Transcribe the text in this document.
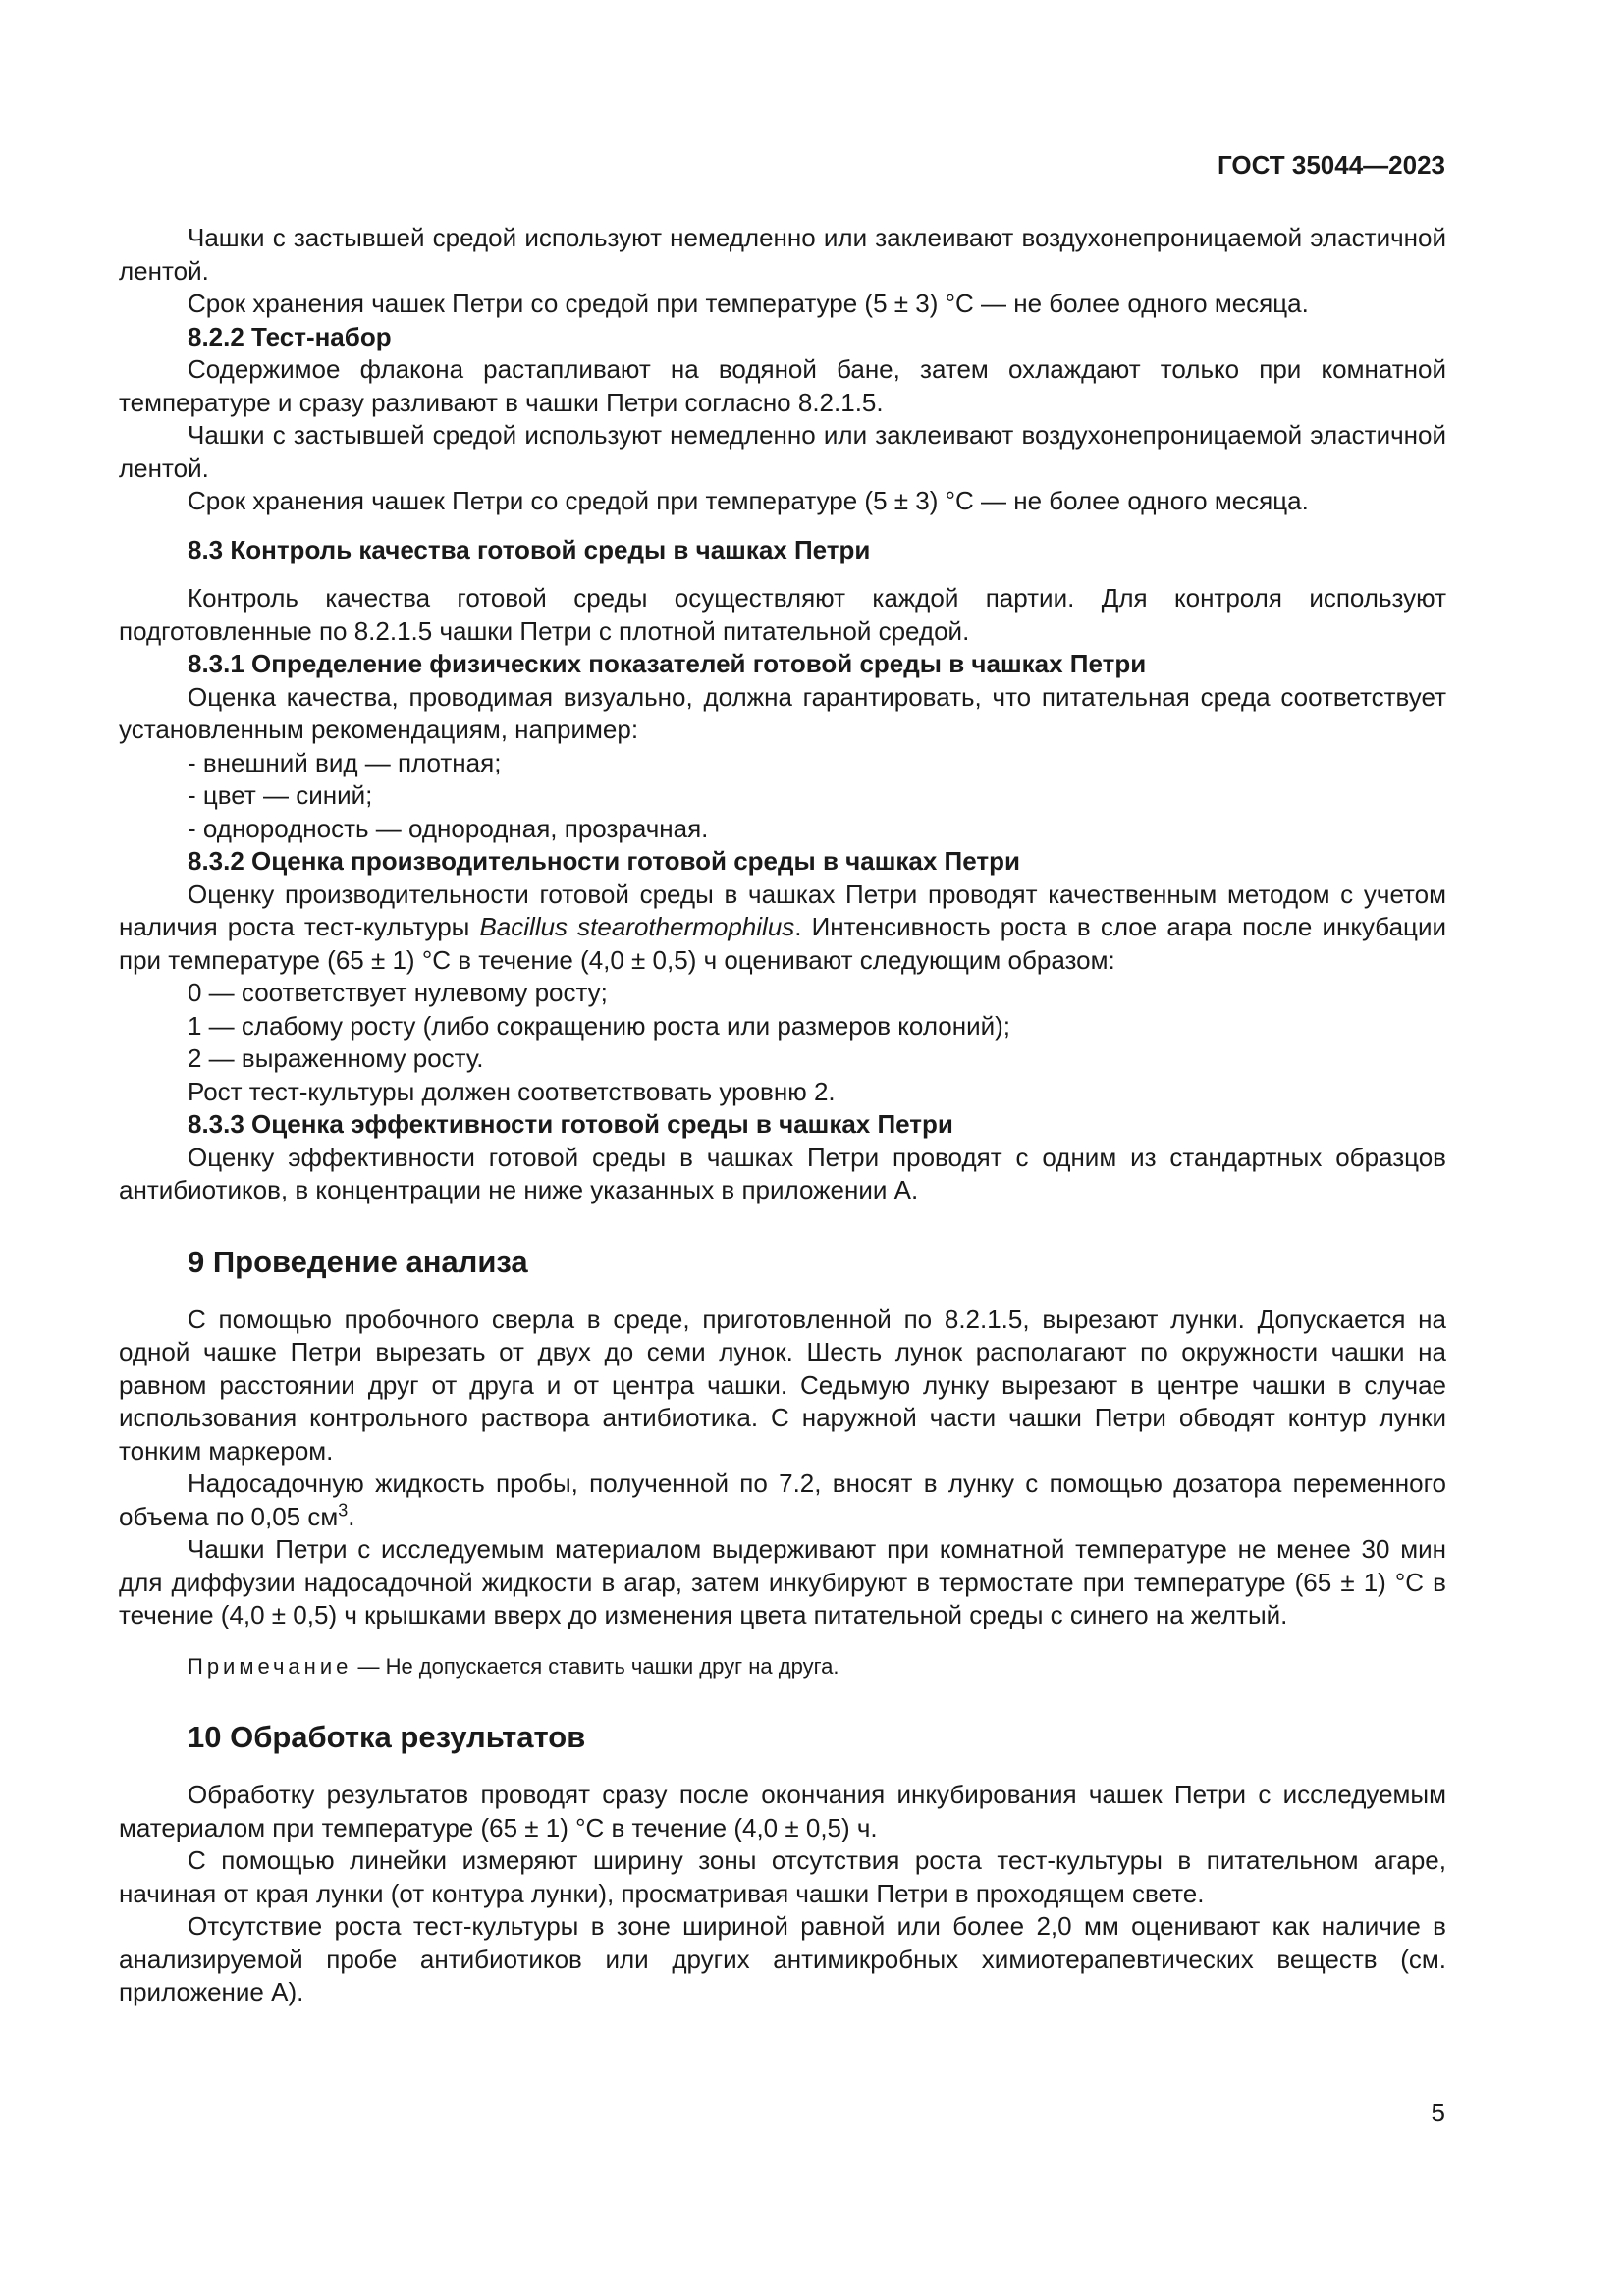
ГОСТ 35044—2023

Чашки с застывшей средой используют немедленно или заклеивают воздухонепроницаемой эластичной лентой.

Срок хранения чашек Петри со средой при температуре (5 ± 3) °С — не более одного месяца.

8.2.2 Тест-набор

Содержимое флакона растапливают на водяной бане, затем охлаждают только при комнатной температуре и сразу разливают в чашки Петри согласно 8.2.1.5.

Чашки с застывшей средой используют немедленно или заклеивают воздухонепроницаемой эластичной лентой.

Срок хранения чашек Петри со средой при температуре (5 ± 3) °С — не более одного месяца.

8.3 Контроль качества готовой среды в чашках Петри

Контроль качества готовой среды осуществляют каждой партии. Для контроля используют подготовленные по 8.2.1.5 чашки Петри с плотной питательной средой.

8.3.1 Определение физических показателей готовой среды в чашках Петри

Оценка качества, проводимая визуально, должна гарантировать, что питательная среда соответствует установленным рекомендациям, например:

- внешний вид — плотная;

- цвет — синий;

- однородность — однородная, прозрачная.

8.3.2 Оценка производительности готовой среды в чашках Петри

Оценку производительности готовой среды в чашках Петри проводят качественным методом с учетом наличия роста тест-культуры Bacillus stearothermophilus. Интенсивность роста в слое агара после инкубации при температуре (65 ± 1) °С в течение (4,0 ± 0,5) ч оценивают следующим образом:

0 — соответствует нулевому росту;

1 — слабому росту (либо сокращению роста или размеров колоний);

2 — выраженному росту.

Рост тест-культуры должен соответствовать уровню 2.

8.3.3 Оценка эффективности готовой среды в чашках Петри

Оценку эффективности готовой среды в чашках Петри проводят с одним из стандартных образцов антибиотиков, в концентрации не ниже указанных в приложении А.

9 Проведение анализа

С помощью пробочного сверла в среде, приготовленной по 8.2.1.5, вырезают лунки. Допускается на одной чашке Петри вырезать от двух до семи лунок. Шесть лунок располагают по окружности чашки на равном расстоянии друг от друга и от центра чашки. Седьмую лунку вырезают в центре чашки в случае использования контрольного раствора антибиотика. С наружной части чашки Петри обводят контур лунки тонким маркером.

Надосадочную жидкость пробы, полученной по 7.2, вносят в лунку с помощью дозатора переменного объема по 0,05 $см^3$.

Чашки Петри с исследуемым материалом выдерживают при комнатной температуре не менее 30 мин для диффузии надосадочной жидкости в агар, затем инкубируют в термостате при температуре (65 ± 1) °С в течение (4,0 ± 0,5) ч крышками вверх до изменения цвета питательной среды с синего на желтый.

Примечание — Не допускается ставить чашки друг на друга.

10 Обработка результатов

Обработку результатов проводят сразу после окончания инкубирования чашек Петри с исследуемым материалом при температуре (65 ± 1) °С в течение (4,0 ± 0,5) ч.

С помощью линейки измеряют ширину зоны отсутствия роста тест-культуры в питательном агаре, начиная от края лунки (от контура лунки), просматривая чашки Петри в проходящем свете.

Отсутствие роста тест-культуры в зоне шириной равной или более 2,0 мм оценивают как наличие в анализируемой пробе антибиотиков или других антимикробных химиотерапевтических веществ (см. приложение А).

5
